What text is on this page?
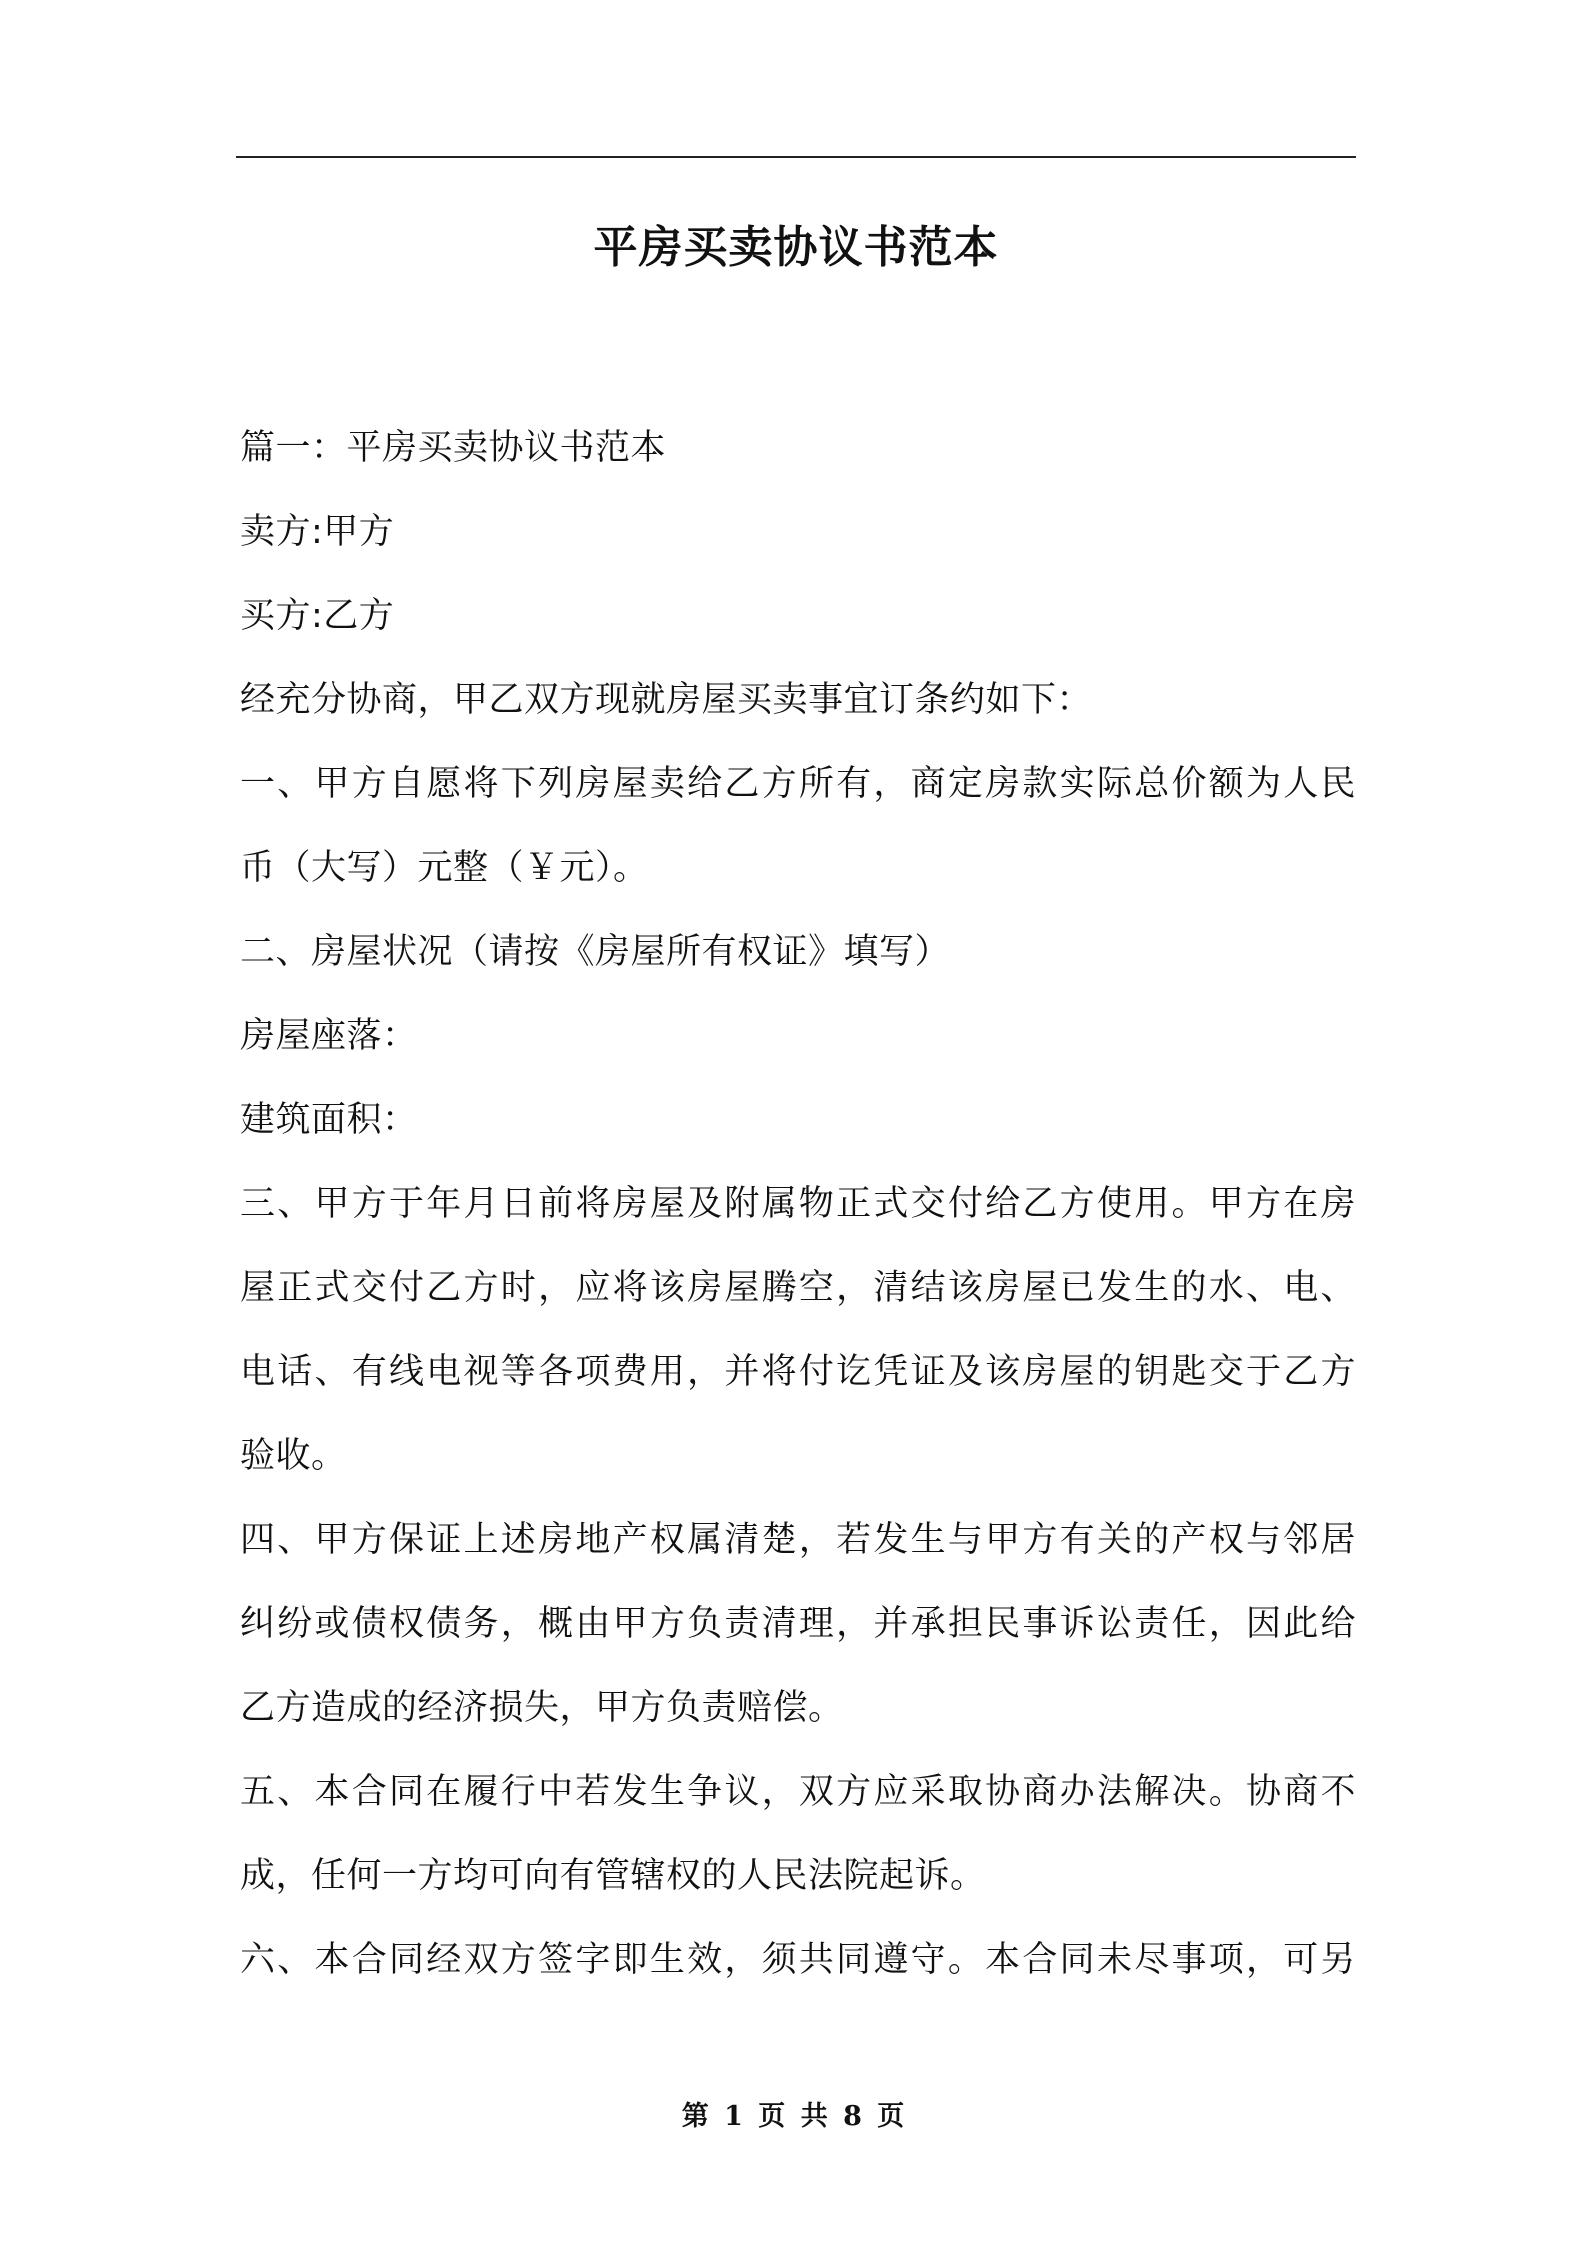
平房买卖协议书范本
篇一：平房买卖协议书范本
卖方:甲方
买方:乙方
经充分协商，甲乙双方现就房屋买卖事宜订条约如下：
一、甲方自愿将下列房屋卖给乙方所有，商定房款实际总价额为人民
币（大写）元整（￥元）。
二、房屋状况（请按《房屋所有权证》填写）
房屋座落：
建筑面积：
三、甲方于年月日前将房屋及附属物正式交付给乙方使用。甲方在房
屋正式交付乙方时，应将该房屋腾空，清结该房屋已发生的水、电、
电话、有线电视等各项费用，并将付讫凭证及该房屋的钥匙交于乙方
验收。
四、甲方保证上述房地产权属清楚，若发生与甲方有关的产权与邻居
纠纷或债权债务，概由甲方负责清理，并承担民事诉讼责任，因此给
乙方造成的经济损失，甲方负责赔偿。
五、本合同在履行中若发生争议，双方应采取协商办法解决。协商不
成，任何一方均可向有管辖权的人民法院起诉。
六、本合同经双方签字即生效，须共同遵守。本合同未尽事项，可另
第 1 页 共 8 页
